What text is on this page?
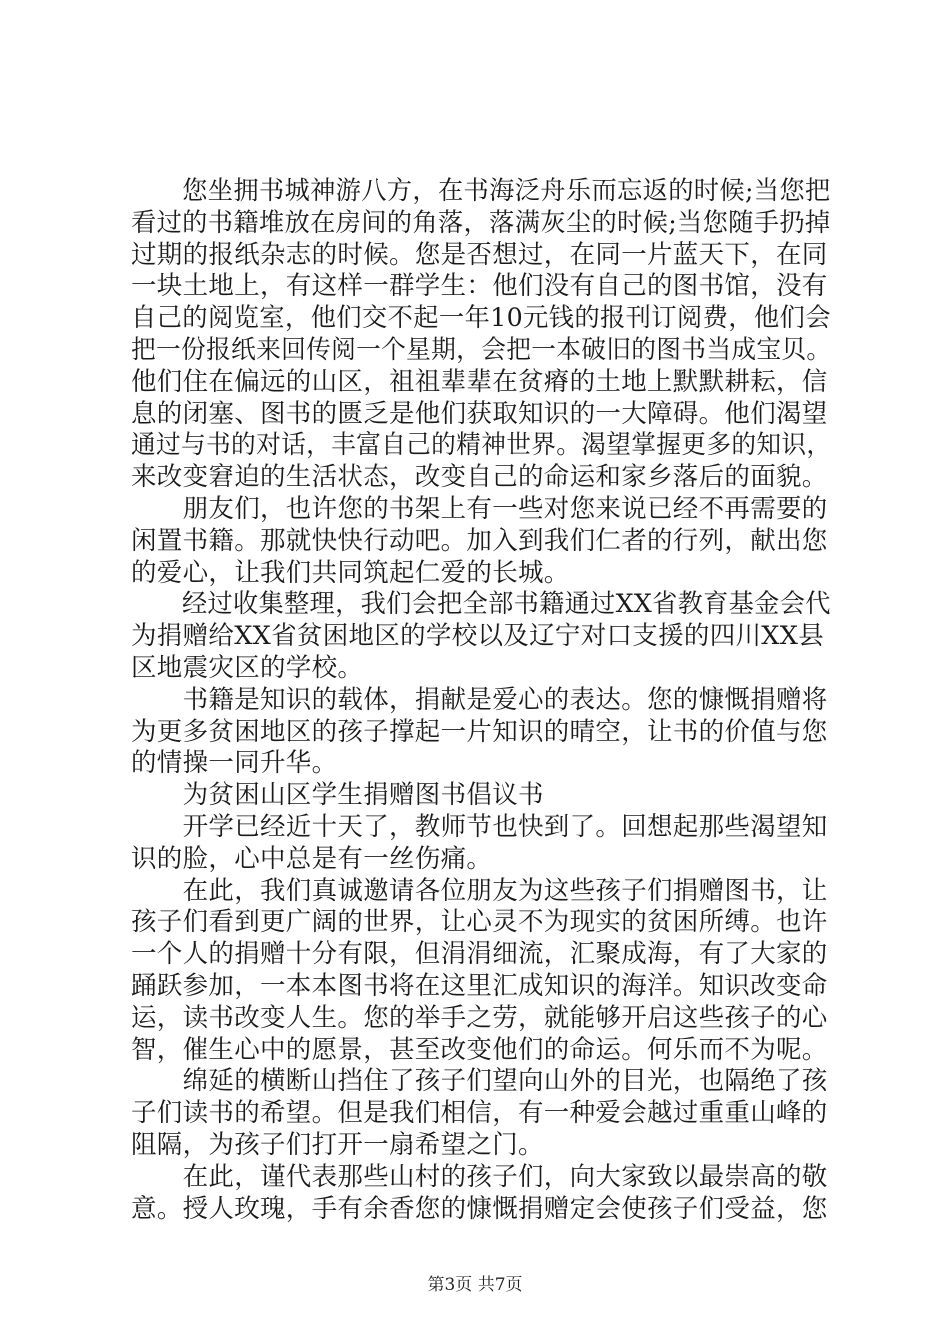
　　您坐拥书城神游八方，在书海泛舟乐而忘返的时候;当您把
看过的书籍堆放在房间的角落，落满灰尘的时候;当您随手扔掉
过期的报纸杂志的时候。您是否想过，在同一片蓝天下，在同
一块土地上，有这样一群学生：他们没有自己的图书馆，没有
自己的阅览室，他们交不起一年10元钱的报刊订阅费，他们会
把一份报纸来回传阅一个星期，会把一本破旧的图书当成宝贝。
他们住在偏远的山区，祖祖辈辈在贫瘠的土地上默默耕耘，信
息的闭塞、图书的匮乏是他们获取知识的一大障碍。他们渴望
通过与书的对话，丰富自己的精神世界。渴望掌握更多的知识，
来改变窘迫的生活状态，改变自己的命运和家乡落后的面貌。
　　朋友们，也许您的书架上有一些对您来说已经不再需要的
闲置书籍。那就快快行动吧。加入到我们仁者的行列，献出您
的爱心，让我们共同筑起仁爱的长城。
　　经过收集整理，我们会把全部书籍通过XX省教育基金会代
为捐赠给XX省贫困地区的学校以及辽宁对口支援的四川XX县
区地震灾区的学校。
　　书籍是知识的载体，捐献是爱心的表达。您的慷慨捐赠将
为更多贫困地区的孩子撑起一片知识的晴空，让书的价值与您
的情操一同升华。
　　为贫困山区学生捐赠图书倡议书
　　开学已经近十天了，教师节也快到了。回想起那些渴望知
识的脸，心中总是有一丝伤痛。
　　在此，我们真诚邀请各位朋友为这些孩子们捐赠图书，让
孩子们看到更广阔的世界，让心灵不为现实的贫困所缚。也许
一个人的捐赠十分有限，但涓涓细流，汇聚成海，有了大家的
踊跃参加，一本本图书将在这里汇成知识的海洋。知识改变命
运，读书改变人生。您的举手之劳，就能够开启这些孩子的心
智，催生心中的愿景，甚至改变他们的命运。何乐而不为呢。
　　绵延的横断山挡住了孩子们望向山外的目光，也隔绝了孩
子们读书的希望。但是我们相信，有一种爱会越过重重山峰的
阻隔，为孩子们打开一扇希望之门。
　　在此，谨代表那些山村的孩子们，向大家致以最崇高的敬
意。授人玫瑰，手有余香您的慷慨捐赠定会使孩子们受益，您
第3页 共7页
